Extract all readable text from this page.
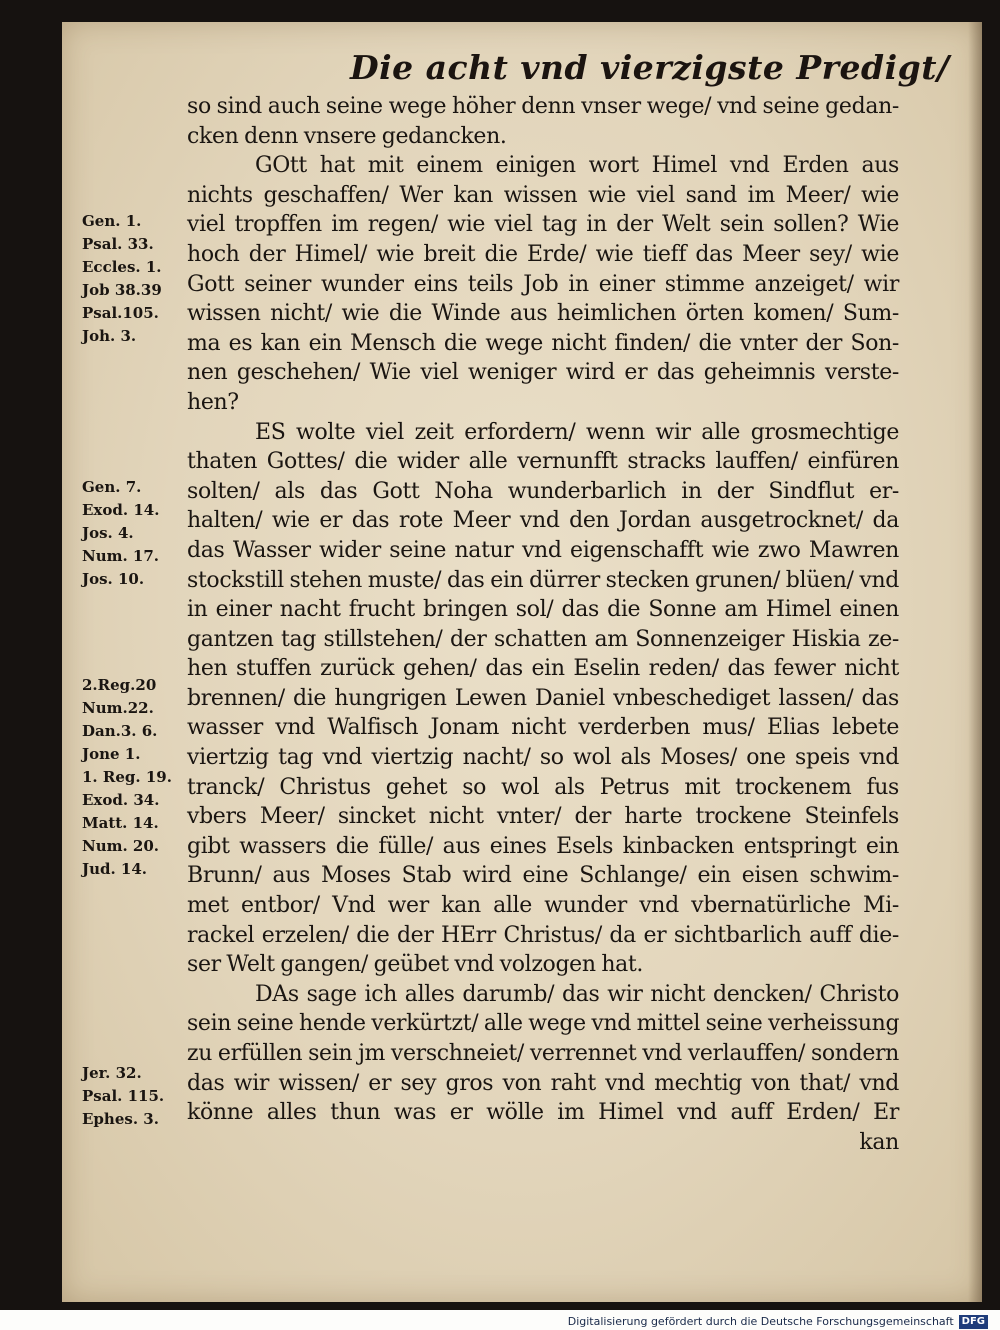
Die acht vnd vierzigste Predigt/
so sind auch seine wege höher denn vnser wege/ vnd seine gedan-
cken denn vnsere gedancken.
GOtt hat mit einem einigen wort Himel vnd Erden aus
nichts geschaffen/ Wer kan wissen wie viel sand im Meer/ wie
viel tropffen im regen/ wie viel tag in der Welt sein sollen? Wie
hoch der Himel/ wie breit die Erde/ wie tieff das Meer sey/ wie
Gott seiner wunder eins teils Job in einer stimme anzeiget/ wir
wissen nicht/ wie die Winde aus heimlichen örten komen/ Sum-
ma es kan ein Mensch die wege nicht finden/ die vnter der Son-
nen geschehen/ Wie viel weniger wird er das geheimnis verste-
hen?
ES wolte viel zeit erfordern/ wenn wir alle grosmechtige
thaten Gottes/ die wider alle vernunfft stracks lauffen/ einfüren
solten/ als das Gott Noha wunderbarlich in der Sindflut er-
halten/ wie er das rote Meer vnd den Jordan ausgetrocknet/ da
das Wasser wider seine natur vnd eigenschafft wie zwo Mawren
stockstill stehen muste/ das ein dürrer stecken grunen/ blüen/ vnd
in einer nacht frucht bringen sol/ das die Sonne am Himel einen
gantzen tag stillstehen/ der schatten am Sonnenzeiger Hiskia ze-
hen stuffen zurück gehen/ das ein Eselin reden/ das fewer nicht
brennen/ die hungrigen Lewen Daniel vnbeschediget lassen/ das
wasser vnd Walfisch Jonam nicht verderben mus/ Elias lebete
viertzig tag vnd viertzig nacht/ so wol als Moses/ one speis vnd
tranck/ Christus gehet so wol als Petrus mit trockenem fus
vbers Meer/ sincket nicht vnter/ der harte trockene Steinfels
gibt wassers die fülle/ aus eines Esels kinbacken entspringt ein
Brunn/ aus Moses Stab wird eine Schlange/ ein eisen schwim-
met entbor/ Vnd wer kan alle wunder vnd vbernatürliche Mi-
rackel erzelen/ die der HErr Christus/ da er sichtbarlich auff die-
ser Welt gangen/ geübet vnd volzogen hat.
DAs sage ich alles darumb/ das wir nicht dencken/ Christo
sein seine hende verkürtzt/ alle wege vnd mittel seine verheissung
zu erfüllen sein jm verschneiet/ verrennet vnd verlauffen/ sondern
das wir wissen/ er sey gros von raht vnd mechtig von that/ vnd
könne alles thun was er wölle im Himel vnd auff Erden/ Er
kan
Gen. 1.
Psal. 33.
Eccles. 1.
Job 38.39
Psal.105.
Joh. 3.
Gen. 7.
Exod. 14.
Jos. 4.
Num. 17.
Jos. 10.
2.Reg.20
Num.22.
Dan.3. 6.
Jone 1.
1. Reg. 19.
Exod. 34.
Matt. 14.
Num. 20.
Jud. 14.
Jer. 32.
Psal. 115.
Ephes. 3.
Digitalisierung gefördert durch die Deutsche Forschungsgemeinschaft DFG
